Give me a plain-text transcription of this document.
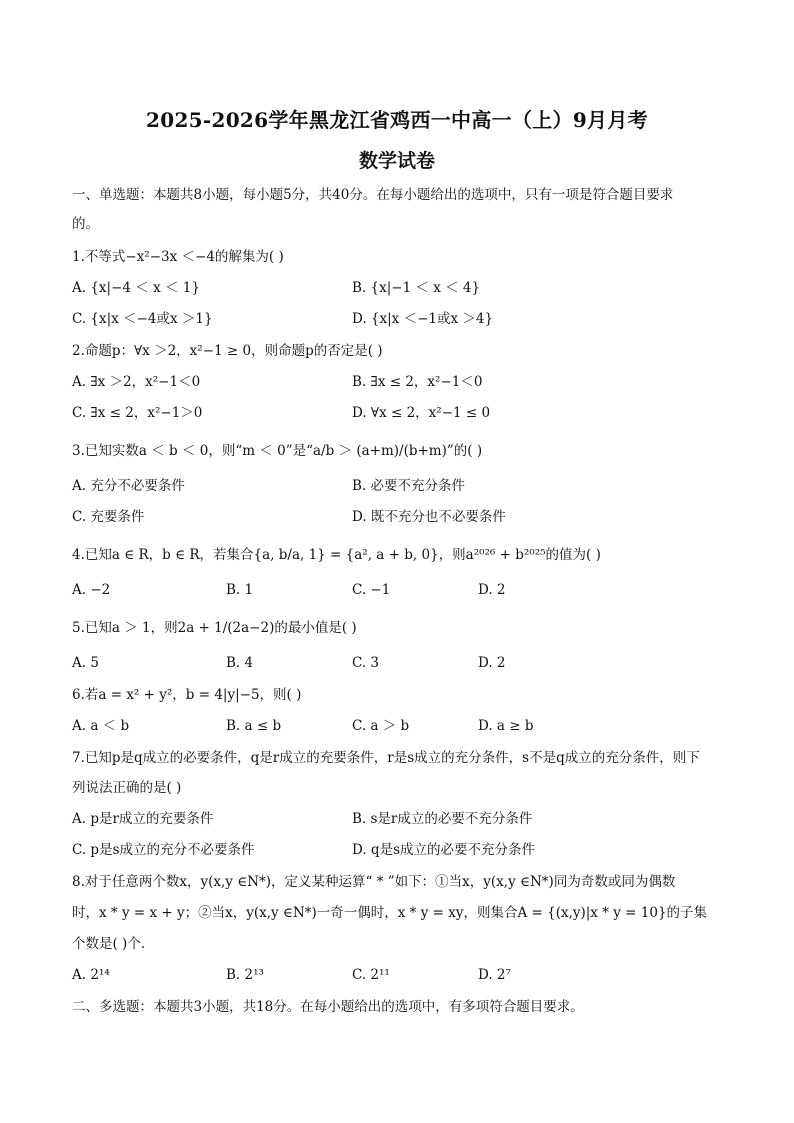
2025-2026学年黑龙江省鸡西一中高一（上）9月月考
数学试卷
一、单选题：本题共8小题，每小题5分，共40分。在每小题给出的选项中，只有一项是符合题目要求
的。
1.不等式−x²−3x ＜−4的解集为( )
A. {x|−4 ＜ x ＜ 1}	B. {x|−1 ＜ x ＜ 4}
C. {x|x ＜−4或x ＞1}	D. {x|x ＜−1或x ＞4}
2.命题p：∀x ＞2，x²−1 ≥ 0，则命题p的否定是( )
A. ∃x ＞2，x²−1＜0	B. ∃x ≤ 2，x²−1＜0
C. ∃x ≤ 2，x²−1＞0	D. ∀x ≤ 2，x²−1 ≤ 0
3.已知实数a ＜ b ＜ 0，则“m ＜ 0”是“a/b ＞ (a+m)/(b+m)”的( )
A. 充分不必要条件	B. 必要不充分条件
C. 充要条件	D. 既不充分也不必要条件
4.已知a ∈ R，b ∈ R，若集合{a, b/a, 1} = {a², a + b, 0}，则a²⁰²⁶ + b²⁰²⁵的值为( )
A. −2	B. 1	C. −1	D. 2
5.已知a ＞ 1，则2a + 1/(2a−2)的最小值是( )
A. 5	B. 4	C. 3	D. 2
6.若a = x² + y²，b = 4|y|−5，则( )
A. a ＜ b	B. a ≤ b	C. a ＞ b	D. a ≥ b
7.已知p是q成立的必要条件，q是r成立的充要条件，r是s成立的充分条件，s不是q成立的充分条件，则下
列说法正确的是( )
A. p是r成立的充要条件	B. s是r成立的必要不充分条件
C. p是s成立的充分不必要条件	D. q是s成立的必要不充分条件
8.对于任意两个数x，y(x,y ∈N*)，定义某种运算“ * ”如下：①当x，y(x,y ∈N*)同为奇数或同为偶数
时，x * y = x + y；②当x，y(x,y ∈N*)一奇一偶时，x * y = xy，则集合A = {(x,y)|x * y = 10}的子集
个数是( )个.
A. 2¹⁴	B. 2¹³	C. 2¹¹	D. 2⁷
二、多选题：本题共3小题，共18分。在每小题给出的选项中，有多项符合题目要求。
